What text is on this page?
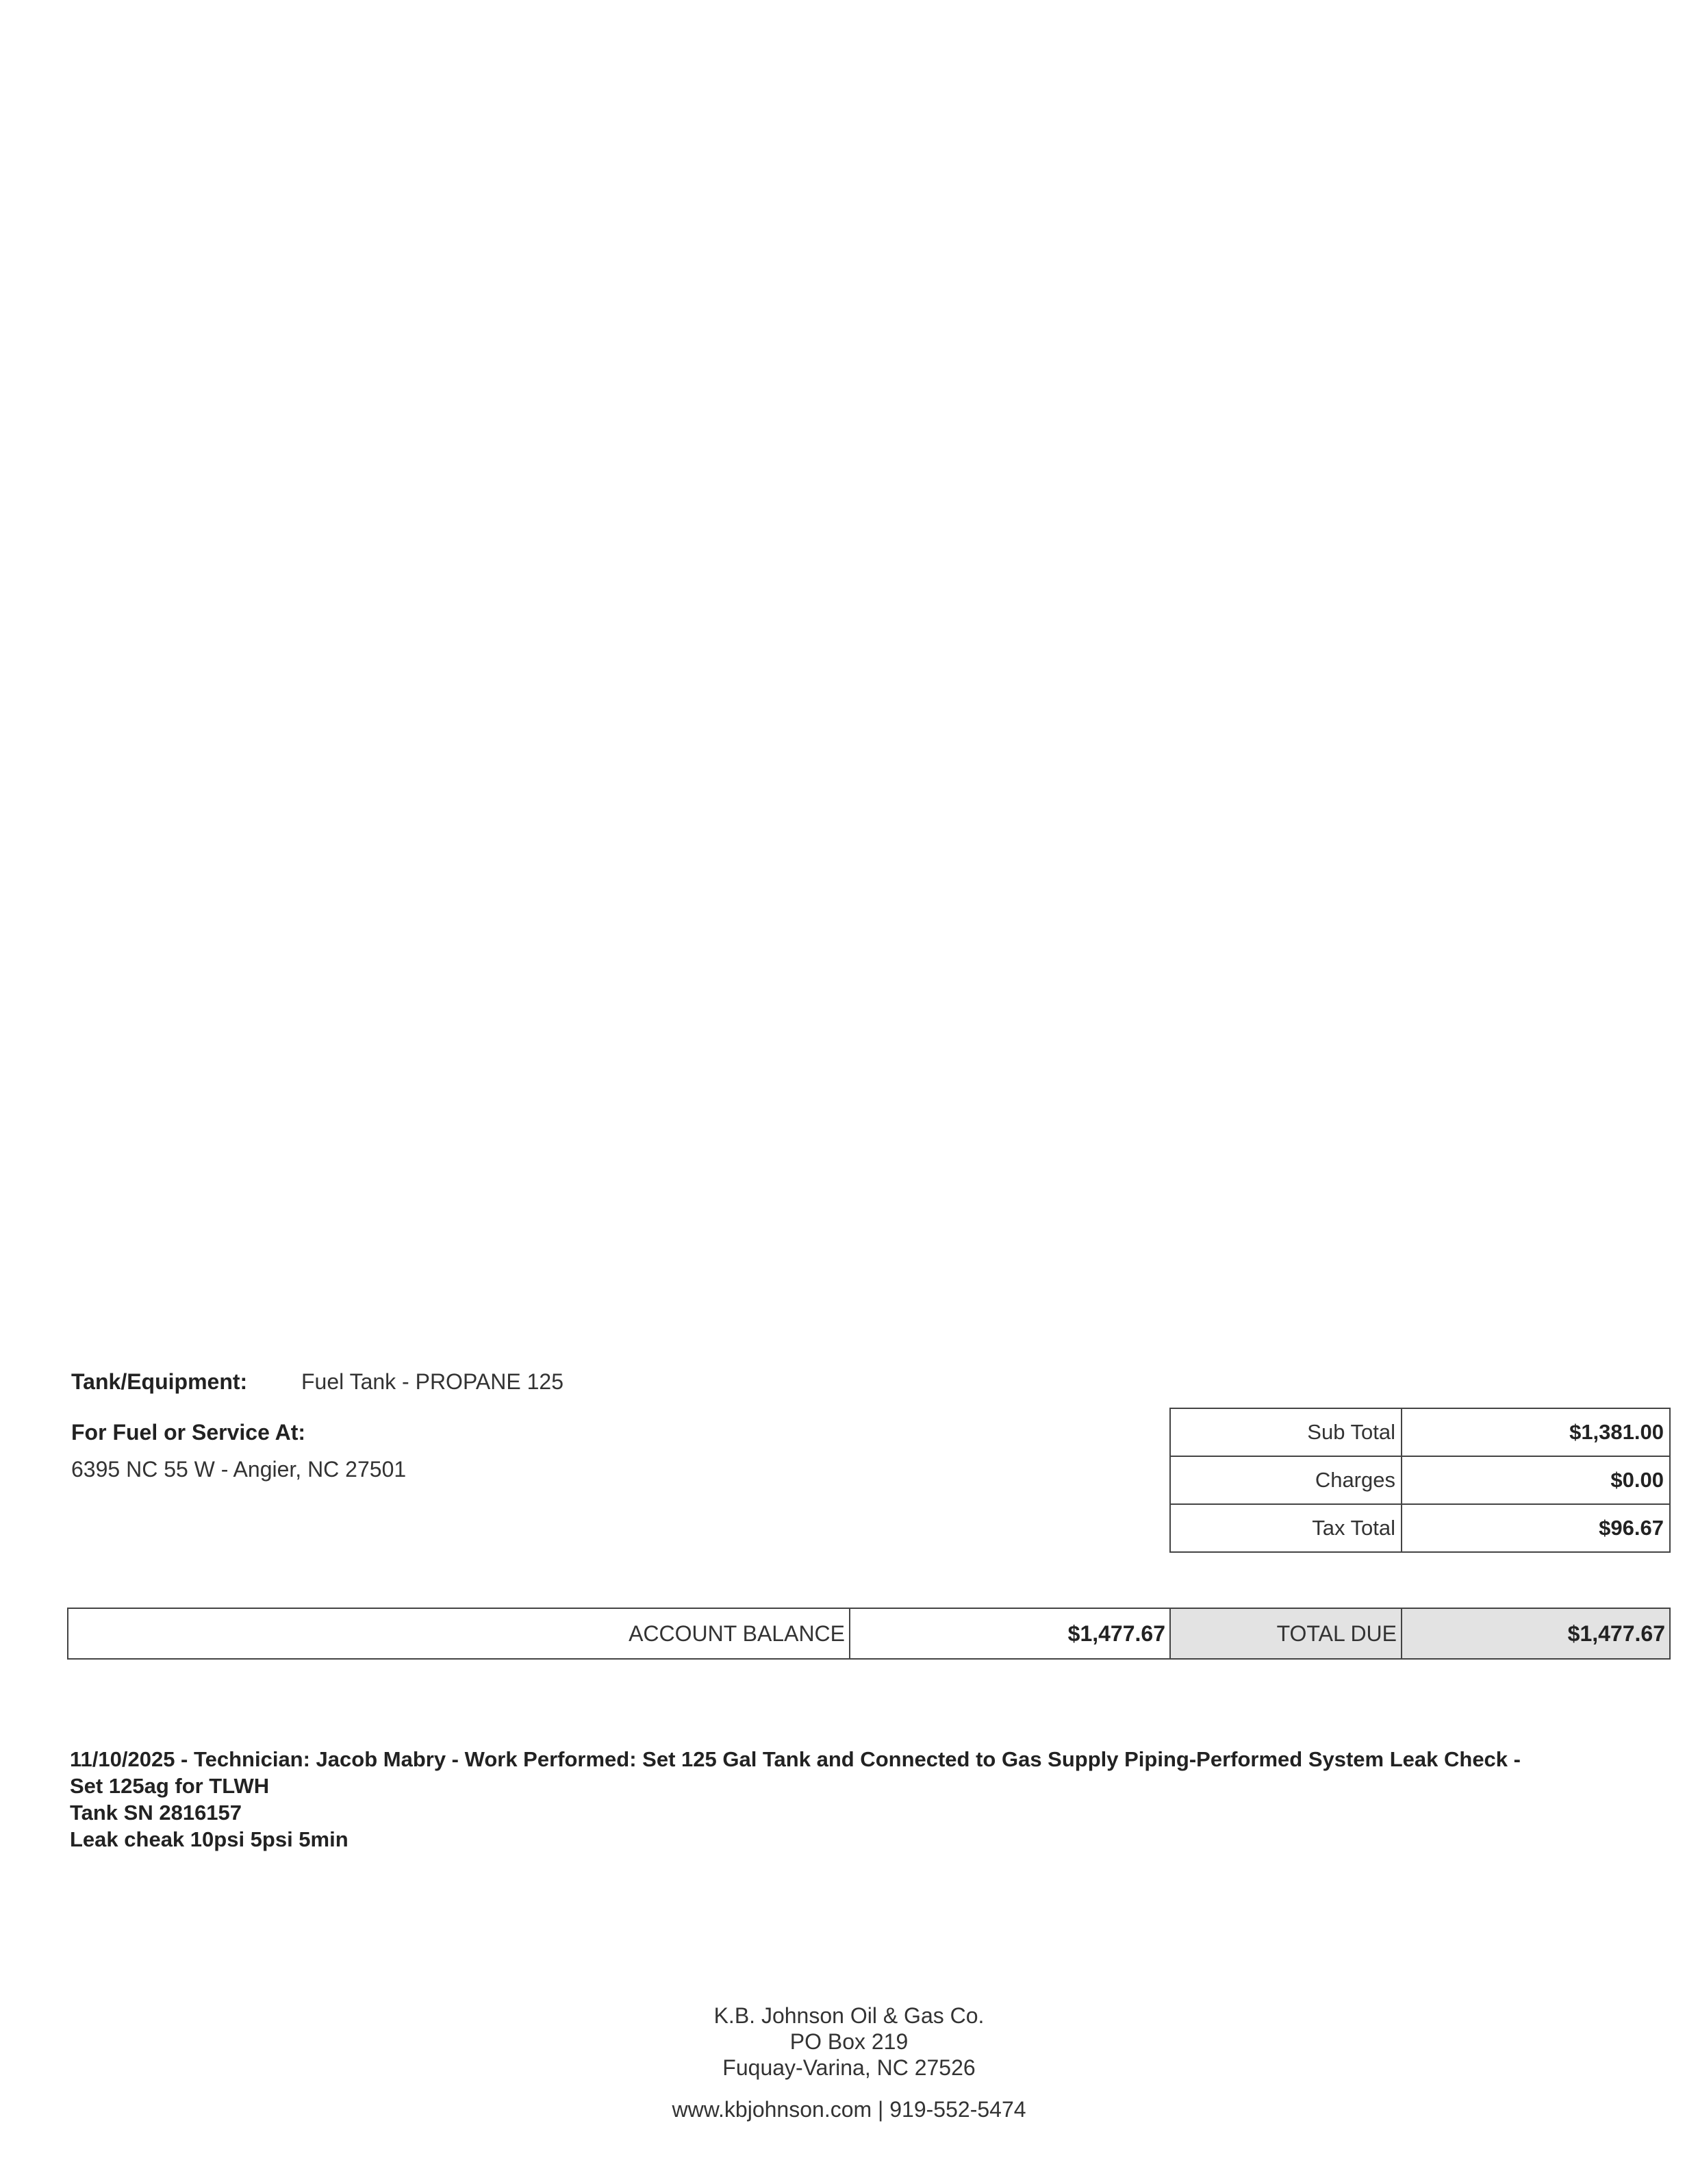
Tank/Equipment: Fuel Tank - PROPANE 125
For Fuel or Service At:
6395 NC 55 W - Angier, NC 27501
Sub Total	$1,381.00
Charges	$0.00
Tax Total	$96.67
ACCOUNT BALANCE	$1,477.67	TOTAL DUE	$1,477.67
11/10/2025 - Technician: Jacob Mabry - Work Performed: Set 125 Gal Tank and Connected to Gas Supply Piping-Performed System Leak Check -
Set 125ag for TLWH
Tank SN 2816157
Leak cheak 10psi 5psi 5min
K.B. Johnson Oil & Gas Co.
PO Box 219
Fuquay-Varina, NC 27526
www.kbjohnson.com | 919-552-5474
